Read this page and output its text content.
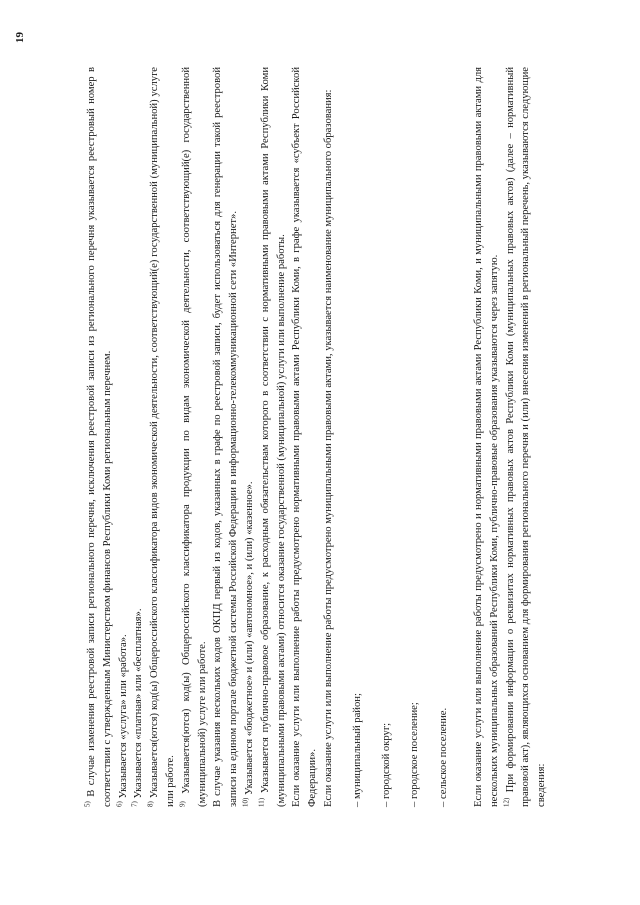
19

$^{5)}$ В случае изменения реестровой записи регионального перечня, исключения реестровой записи из регионального перечня указывается реестровый номер в соответствии с утвержденным Министерством финансов Республики Коми региональным перечнем. $^{6)}$ Указывается «услуга» или «работа».

$^{7)}$ Указывается «платная» или «бесплатная».

$^{8)}$ Указывается(ются) код(ы) Общероссийского классификатора видов экономической деятельности, соответствующий(е) государственной (муниципальной) услуге или работе. $^{9)}$ Указывается(ются) код(ы) Общероссийского классификатора продукции по видам экономической деятельности, соответствующий(е) государственной (муниципальной) услуге или работе. В случае указания нескольких кодов ОКПД первый из кодов, указанных в графе по реестровой записи, будет использоваться для генерации такой реестровой записи на едином портале бюджетной системы Российской Федерации в информационно-телекоммуникационной сети «Интернет». $^{10)}$ Указывается «бюджетное» и (или) «автономное», и (или) «казенное».

$^{11)}$ Указывается публично-правовое образование, к расходным обязательствам которого в соответствии с нормативными правовыми актами Республики Коми (муниципальными правовыми актами) относится оказание государственной (муниципальной) услуги или выполнение работы. Если оказание услуги или выполнение работы предусмотрено нормативными правовыми актами Республики Коми, в графе указывается «субъект Российской Федерации». Если оказание услуги или выполнение работы предусмотрено муниципальными правовыми актами, указывается наименование муниципального образования: – муниципальный район; – городской округ; – городское поселение; – сельское поселение. Если оказание услуги или выполнение работы предусмотрено и нормативными правовыми актами Республики Коми, и муниципальными правовыми актами для нескольких муниципальных образований Республики Коми, публично-правовые образования указываются через запятую. $^{12)}$ При формировании информации о реквизитах нормативных правовых актов Республики Коми (муниципальных правовых актов) (далее – нормативный правовой акт), являющихся основанием для формирования регионального перечня и (или) внесения изменений в региональный перечень, указываются следующие сведения:
